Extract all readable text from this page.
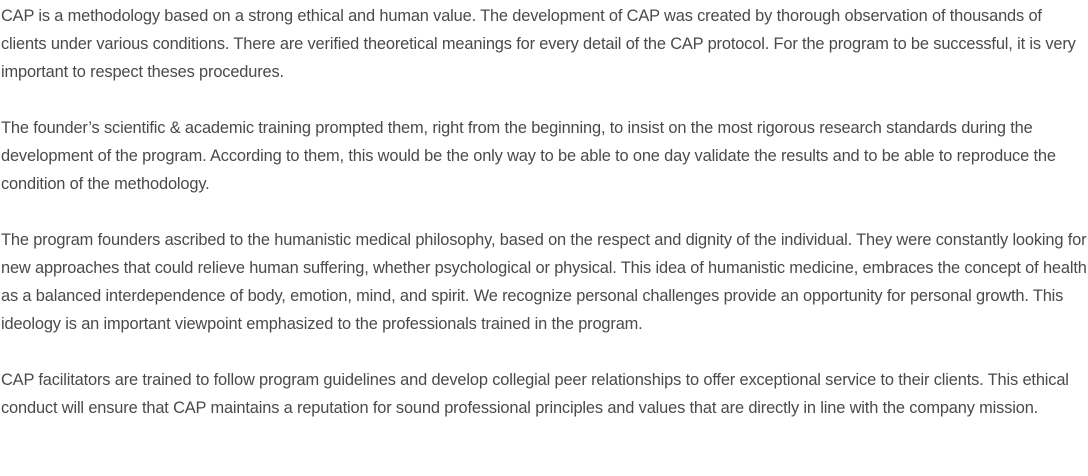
CAP is a methodology based on a strong ethical and human value. The development of CAP was created by thorough observation of thousands of clients under various conditions. There are verified theoretical meanings for every detail of the CAP protocol. For the program to be successful, it is very important to respect theses procedures.

The founder’s scientific & academic training prompted them, right from the beginning, to insist on the most rigorous research standards during the development of the program. According to them, this would be the only way to be able to one day validate the results and to be able to reproduce the condition of the methodology.

The program founders ascribed to the humanistic medical philosophy, based on the respect and dignity of the individual. They were constantly looking for new approaches that could relieve human suffering, whether psychological or physical. This idea of humanistic medicine, embraces the concept of health as a balanced interdependence of body, emotion, mind, and spirit. We recognize personal challenges provide an opportunity for personal growth. This ideology is an important viewpoint emphasized to the professionals trained in the program.

CAP facilitators are trained to follow program guidelines and develop collegial peer relationships to offer exceptional service to their clients. This ethical conduct will ensure that CAP maintains a reputation for sound professional principles and values that are directly in line with the company mission.
